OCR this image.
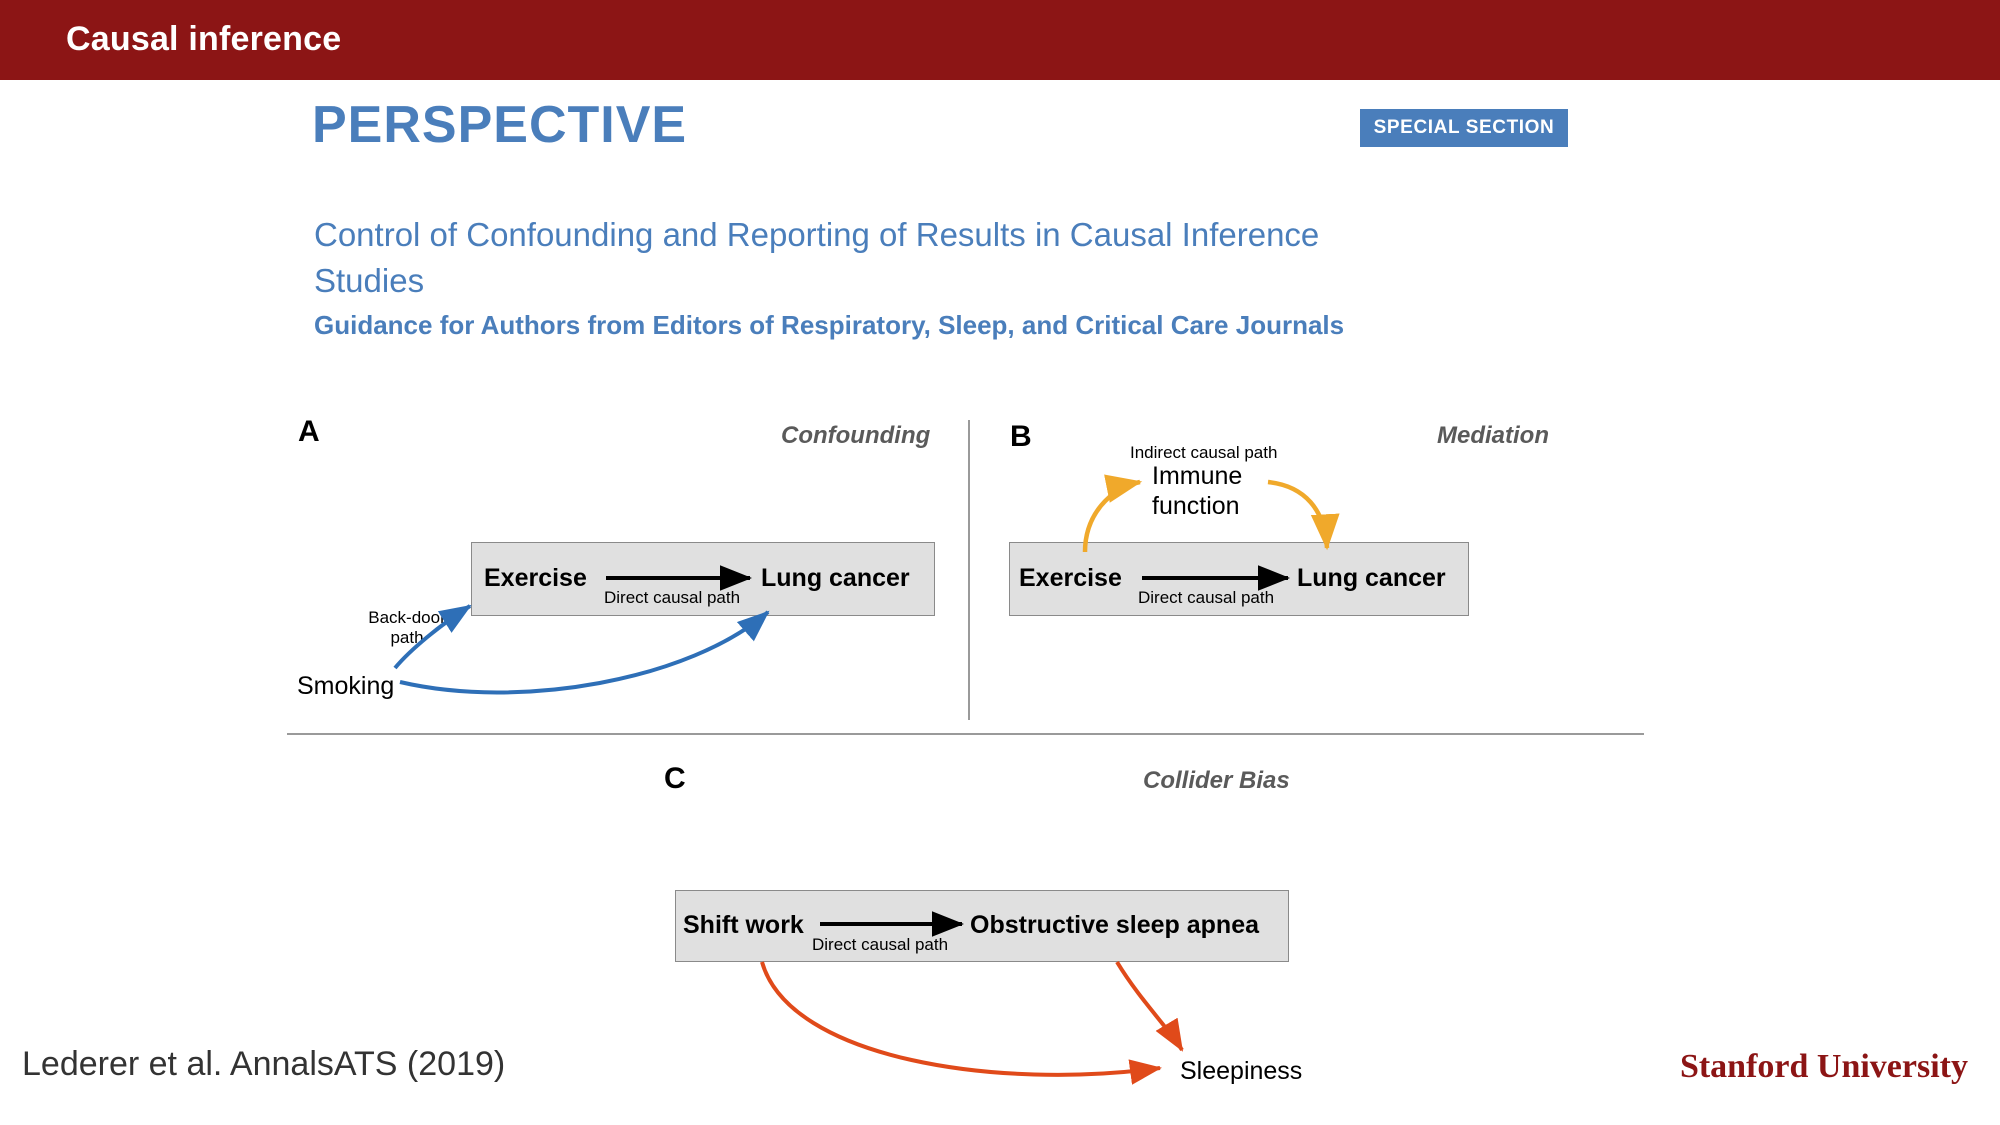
Causal inference
PERSPECTIVE	SPECIAL SECTION
Control of Confounding and Reporting of Results in Causal Inference Studies
Guidance for Authors from Editors of Respiratory, Sleep, and Critical Care Journals
A	Confounding
Exercise	Lung cancer
Direct causal path
Back-door
path
Smoking
B	Mediation
Indirect causal path
Immune
function
Exercise	Lung cancer
Direct causal path
C	Collider Bias
Shift work	Obstructive sleep apnea
Direct causal path
Sleepiness
Lederer et al. AnnalsATS (2019)	Stanford University
